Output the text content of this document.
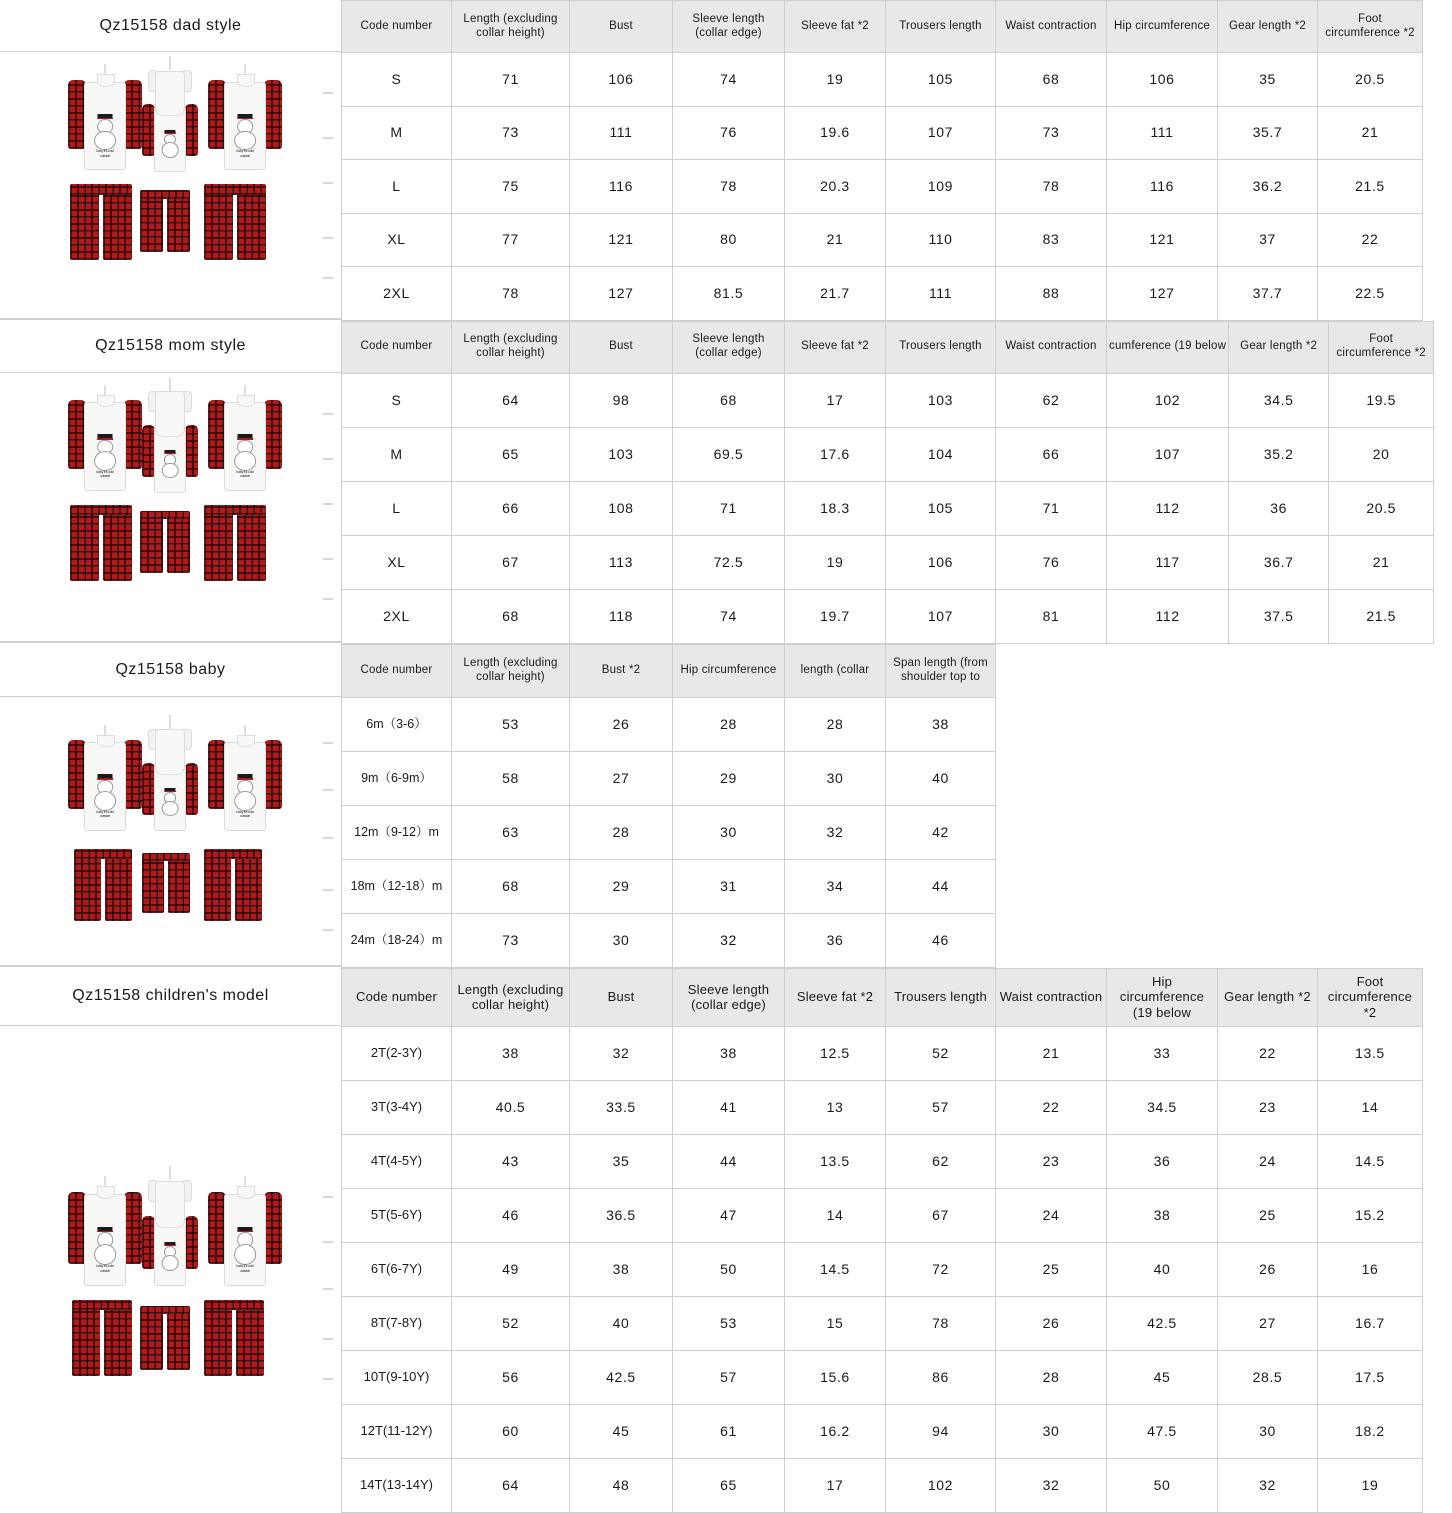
Qz15158 dad style
baby it's cold
outside
baby it's cold
outside
Code number	Length (excluding collar height)	Bust	Sleeve length (collar edge)	Sleeve fat *2	Trousers length	Waist contraction	Hip circumference	Gear length *2	Foot circumference *2
S	71	106	74	19	105	68	106	35	20.5
M	73	111	76	19.6	107	73	111	35.7	21
L	75	116	78	20.3	109	78	116	36.2	21.5
XL	77	121	80	21	110	83	121	37	22
2XL	78	127	81.5	21.7	111	88	127	37.7	22.5
Qz15158 mom style
baby it's cold
outside
baby it's cold
outside
Code number	Length (excluding collar height)	Bust	Sleeve length (collar edge)	Sleeve fat *2	Trousers length	Waist contraction	cumference (19 below	Gear length *2	Foot circumference *2
S	64	98	68	17	103	62	102	34.5	19.5
M	65	103	69.5	17.6	104	66	107	35.2	20
L	66	108	71	18.3	105	71	112	36	20.5
XL	67	113	72.5	19	106	76	117	36.7	21
2XL	68	118	74	19.7	107	81	112	37.5	21.5
Qz15158 baby
baby it's cold
outside
baby it's cold
outside
Code number	Length (excluding collar height)	Bust *2	Hip circumference	length (collar	Span length (from shoulder top to				
6m（3-6）	53	26	28	28	38				
9m（6-9m）	58	27	29	30	40				
12m（9-12）m	63	28	30	32	42				
18m（12-18）m	68	29	31	34	44				
24m（18-24）m	73	30	32	36	46				
Qz15158 children's model
baby it's cold
outside
baby it's cold
outside
Code number	Length (excluding collar height)	Bust	Sleeve length (collar edge)	Sleeve fat *2	Trousers length	Waist contraction	Hip circumference (19 below	Gear length *2	Foot circumference *2
2T(2-3Y)	38	32	38	12.5	52	21	33	22	13.5
3T(3-4Y)	40.5	33.5	41	13	57	22	34.5	23	14
4T(4-5Y)	43	35	44	13.5	62	23	36	24	14.5
5T(5-6Y)	46	36.5	47	14	67	24	38	25	15.2
6T(6-7Y)	49	38	50	14.5	72	25	40	26	16
8T(7-8Y)	52	40	53	15	78	26	42.5	27	16.7
10T(9-10Y)	56	42.5	57	15.6	86	28	45	28.5	17.5
12T(11-12Y)	60	45	61	16.2	94	30	47.5	30	18.2
14T(13-14Y)	64	48	65	17	102	32	50	32	19
